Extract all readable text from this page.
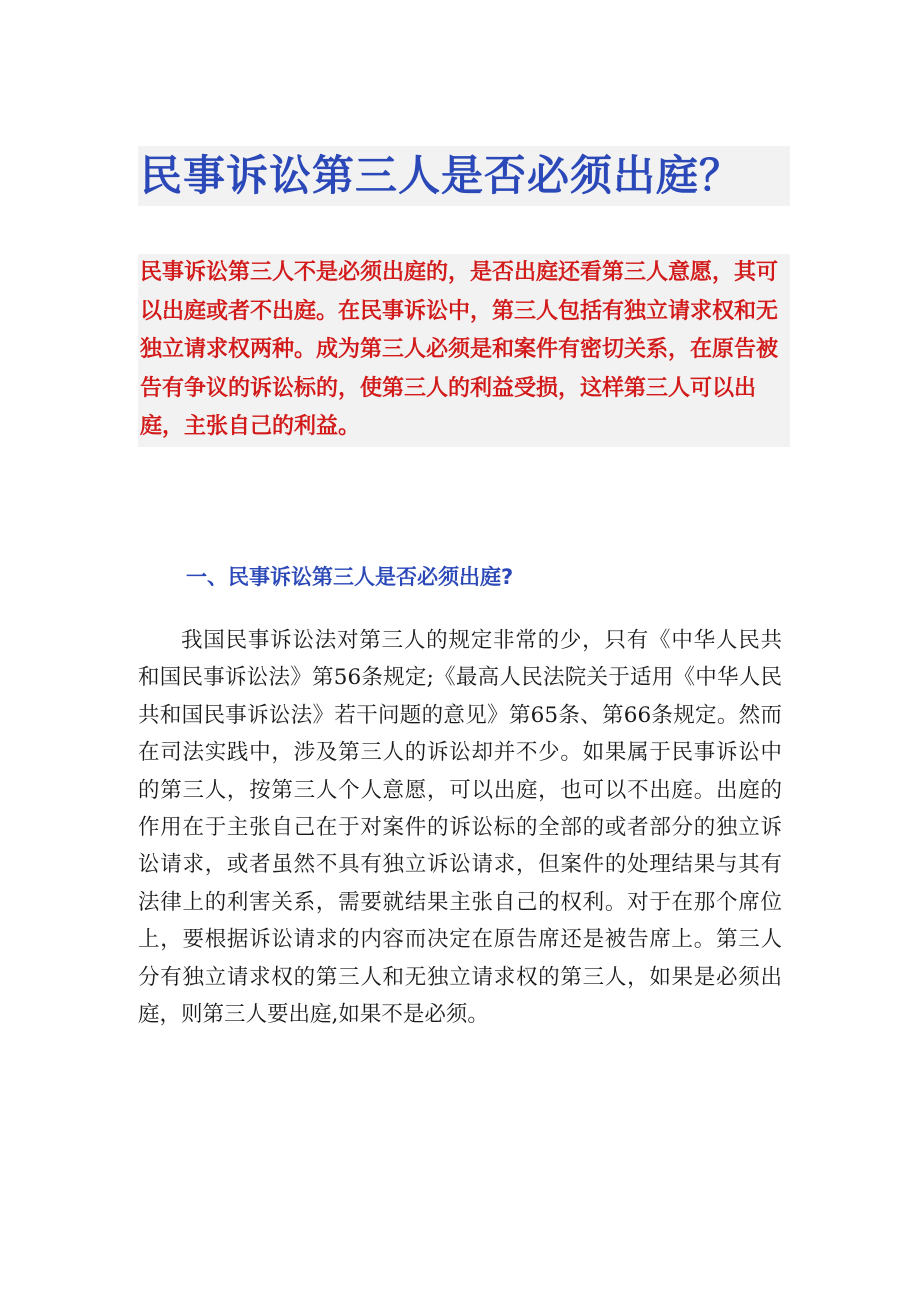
民事诉讼第三人是否必须出庭？

民事诉讼第三人不是必须出庭的，是否出庭还看第三人意愿，其可以出庭或者不出庭。在民事诉讼中，第三人包括有独立请求权和无独立请求权两种。成为第三人必须是和案件有密切关系，在原告被告有争议的诉讼标的，使第三人的利益受损，这样第三人可以出庭，主张自己的利益。

一、民事诉讼第三人是否必须出庭?

我国民事诉讼法对第三人的规定非常的少，只有《中华人民共和国民事诉讼法》第56条规定;《最高人民法院关于适用《中华人民共和国民事诉讼法》若干问题的意见》第65条、第66条规定。然而在司法实践中，涉及第三人的诉讼却并不少。如果属于民事诉讼中的第三人，按第三人个人意愿，可以出庭，也可以不出庭。出庭的作用在于主张自己在于对案件的诉讼标的全部的或者部分的独立诉讼请求，或者虽然不具有独立诉讼请求，但案件的处理结果与其有法律上的利害关系，需要就结果主张自己的权利。对于在那个席位上，要根据诉讼请求的内容而决定在原告席还是被告席上。第三人分有独立请求权的第三人和无独立请求权的第三人，如果是必须出庭，则第三人要出庭,如果不是必须。
